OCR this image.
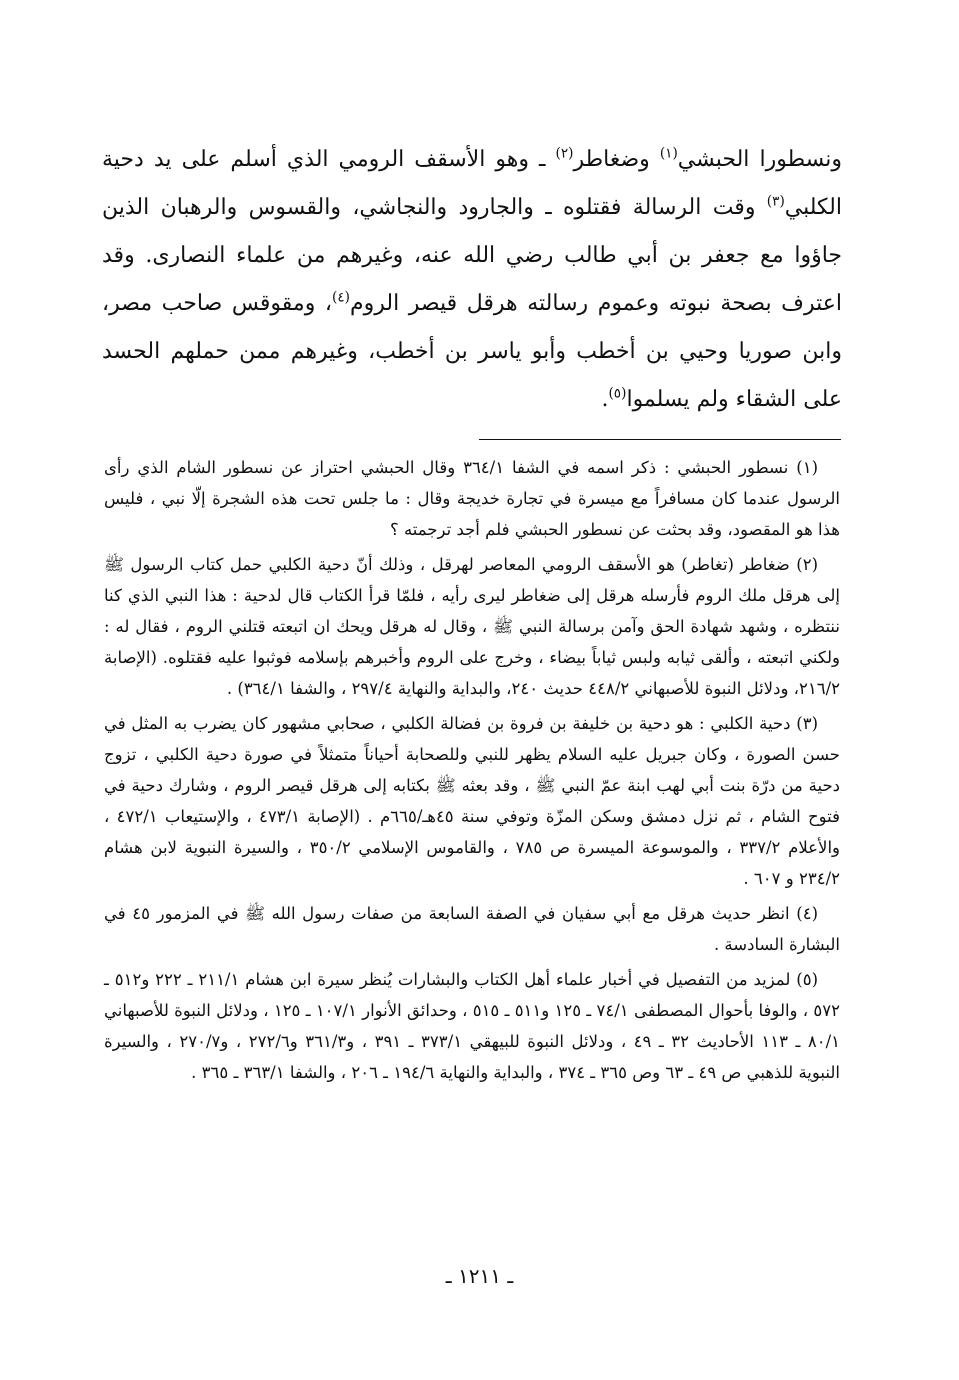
ونسطورا الحبشي$^{(١)}$ وضغاطر$^{(٢)}$ ـ وهو الأسقف الرومي الذي أسلم على يد دحية الكلبي$^{(٣)}$ وقت الرسالة فقتلوه ـ والجارود والنجاشي، والقسوس والرهبان الذين جاؤوا مع جعفر بن أبي طالب رضي الله عنه، وغيرهم من علماء النصارى. وقد اعترف بصحة نبوته وعموم رسالته هرقل قيصر الروم$^{(٤)}$، ومقوقس صاحب مصر، وابن صوريا وحيي بن أخطب وأبو ياسر بن أخطب، وغيرهم ممن حملهم الحسد على الشقاء ولم يسلموا$^{(٥)}$.

(١) نسطور الحبشي : ذكر اسمه في الشفا ٣٦٤/١ وقال الحبشي احتراز عن نسطور الشام الذي رأى الرسول عندما كان مسافراً مع ميسرة في تجارة خديجة وقال : ما جلس تحت هذه الشجرة إلّا نبي ، فليس هذا هو المقصود، وقد بحثت عن نسطور الحبشي فلم أجد ترجمته ؟

(٢) ضغاطر (تغاطر) هو الأسقف الرومي المعاصر لهرقل ، وذلك أنّ دحية الكلبي حمل كتاب الرسول ﷺ إلى هرقل ملك الروم فأرسله هرقل إلى ضغاطر ليرى رأيه ، فلمّا قرأ الكتاب قال لدحية : هذا النبي الذي كنا ننتظره ، وشهد شهادة الحق وآمن برسالة النبي ﷺ ، وقال له هرقل ويحك ان اتبعته قتلني الروم ، فقال له : ولكني اتبعته ، وألقى ثيابه ولبس ثياباً بيضاء ، وخرج على الروم وأخبرهم بإسلامه فوثبوا عليه فقتلوه. (الإصابة ٢١٦/٢، ودلائل النبوة للأصبهاني ٤٤٨/٢ حديث ٢٤٠، والبداية والنهاية ٢٩٧/٤ ، والشفا ٣٦٤/١) .

(٣) دحية الكلبي : هو دحية بن خليفة بن فروة بن فضالة الكلبي ، صحابي مشهور كان يضرب به المثل في حسن الصورة ، وكان جبريل عليه السلام يظهر للنبي وللصحابة أحياناً متمثلاً في صورة دحية الكلبي ، تزوج دحية من درّة بنت أبي لهب ابنة عمّ النبي ﷺ ، وقد بعثه ﷺ بكتابه إلى هرقل قيصر الروم ، وشارك دحية في فتوح الشام ، ثم نزل دمشق وسكن المزّة وتوفي سنة ٤٥هـ/٦٦٥م . (الإصابة ٤٧٣/١ ، والإستيعاب ٤٧٢/١ ، والأعلام ٣٣٧/٢ ، والموسوعة الميسرة ص ٧٨٥ ، والقاموس الإسلامي ٣٥٠/٢ ، والسيرة النبوية لابن هشام ٢٣٤/٢ و ٦٠٧ .

(٤) انظر حديث هرقل مع أبي سفيان في الصفة السابعة من صفات رسول الله ﷺ في المزمور ٤٥ في البشارة السادسة .

(٥) لمزيد من التفصيل في أخبار علماء أهل الكتاب والبشارات يُنظر سيرة ابن هشام ٢١١/١ ـ ٢٢٢ و٥١٢ ـ ٥٧٢ ، والوفا بأحوال المصطفى ٧٤/١ ـ ١٢٥ و٥١١ ـ ٥١٥ ، وحدائق الأنوار ١٠٧/١ ـ ١٢٥ ، ودلائل النبوة للأصبهاني ٨٠/١ ـ ١١٣ الأحاديث ٣٢ ـ ٤٩ ، ودلائل النبوة للبيهقي ٣٧٣/١ ـ ٣٩١ ، و٣٦١/٣ و٢٧٢/٦ ، و٢٧٠/٧ ، والسيرة النبوية للذهبي ص ٤٩ ـ ٦٣ وص ٣٦٥ ـ ٣٧٤ ، والبداية والنهاية ١٩٤/٦ ـ ٢٠٦ ، والشفا ٣٦٣/١ ـ ٣٦٥ .

ـ ١٢١١ ـ
